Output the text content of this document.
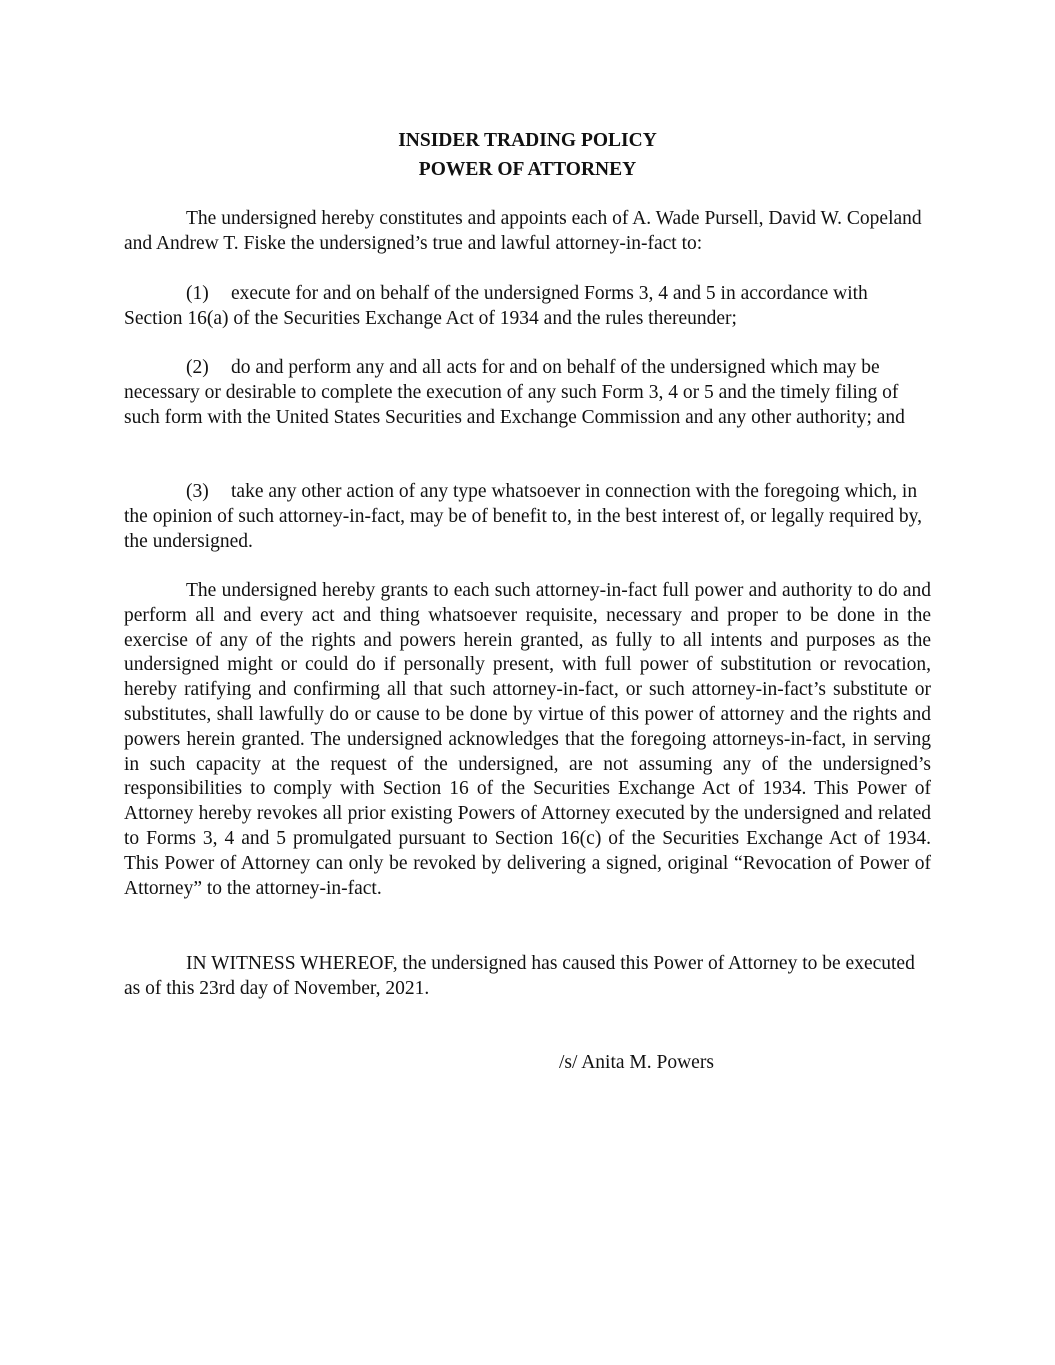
INSIDER TRADING POLICY
POWER OF ATTORNEY

The undersigned hereby constitutes and appoints each of A. Wade Pursell, David W. Copeland and Andrew T. Fiske the undersigned’s true and lawful attorney-in-fact to:

(1) execute for and on behalf of the undersigned Forms 3, 4 and 5 in accordance with Section 16(a) of the Securities Exchange Act of 1934 and the rules thereunder;

(2) do and perform any and all acts for and on behalf of the undersigned which may be necessary or desirable to complete the execution of any such Form 3, 4 or 5 and the timely filing of such form with the United States Securities and Exchange Commission and any other authority; and

(3) take any other action of any type whatsoever in connection with the foregoing which, in the opinion of such attorney-in-fact, may be of benefit to, in the best interest of, or legally required by, the undersigned.

The undersigned hereby grants to each such attorney-in-fact full power and authority to do and perform all and every act and thing whatsoever requisite, necessary and proper to be done in the exercise of any of the rights and powers herein granted, as fully to all intents and purposes as the undersigned might or could do if personally present, with full power of substitution or revocation, hereby ratifying and confirming all that such attorney-in-fact, or such attorney-in-fact’s substitute or substitutes, shall lawfully do or cause to be done by virtue of this power of attorney and the rights and powers herein granted. The undersigned acknowledges that the foregoing attorneys-in-fact, in serving in such capacity at the request of the undersigned, are not assuming any of the undersigned’s responsibilities to comply with Section 16 of the Securities Exchange Act of 1934. This Power of Attorney hereby revokes all prior existing Powers of Attorney executed by the undersigned and related to Forms 3, 4 and 5 promulgated pursuant to Section 16(c) of the Securities Exchange Act of 1934. This Power of Attorney can only be revoked by delivering a signed, original “Revocation of Power of Attorney” to the attorney-in-fact.

IN WITNESS WHEREOF, the undersigned has caused this Power of Attorney to be executed as of this 23rd day of November, 2021.

/s/ Anita M. Powers
